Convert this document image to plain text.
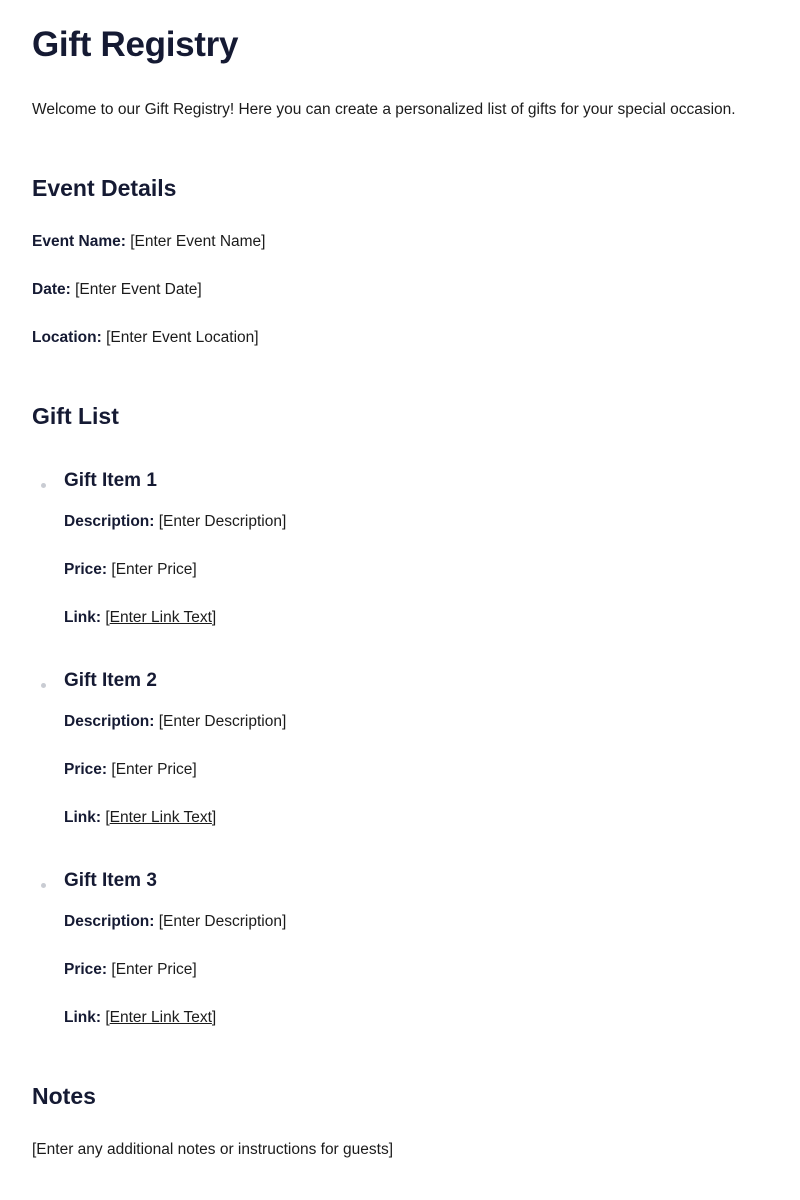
Gift Registry

Welcome to our Gift Registry! Here you can create a personalized list of gifts for your special occasion.

Event Details

Event Name: [Enter Event Name]

Date: [Enter Event Date]

Location: [Enter Event Location]

Gift List
Gift Item 1

Description: [Enter Description]

Price: [Enter Price]

Link: [Enter Link Text]

Gift Item 2

Description: [Enter Description]

Price: [Enter Price]

Link: [Enter Link Text]

Gift Item 3

Description: [Enter Description]

Price: [Enter Price]

Link: [Enter Link Text]

Notes

[Enter any additional notes or instructions for guests]
